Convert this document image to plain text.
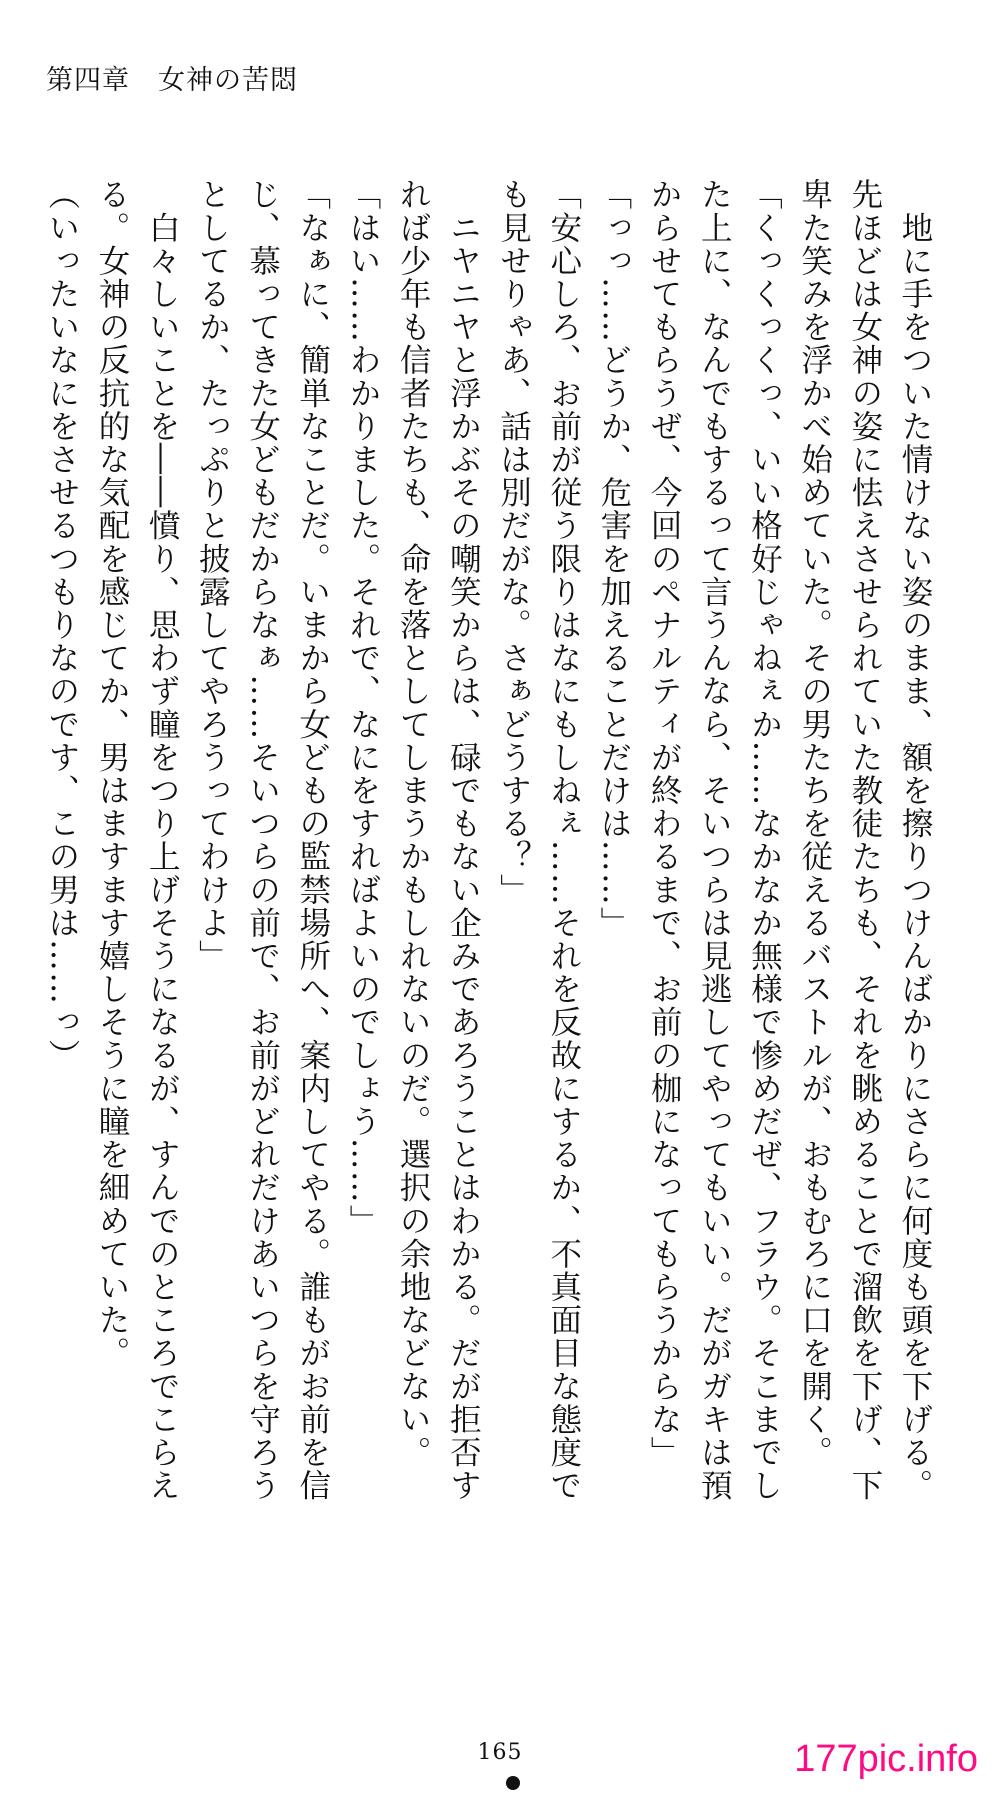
第四章　女神の苦悶
　地に手をついた情けない姿のまま、額を擦りつけんばかりにさらに何度も頭を下げる。
先ほどは女神の姿に怯えさせられていた教徒たちも、それを眺めることで溜飲を下げ、下
卑た笑みを浮かべ始めていた。その男たちを従えるバストルが、おもむろに口を開く。
「くっくっくっ、いい格好じゃねぇか……なかなか無様で惨めだぜ、フラウ。そこまでし
た上に、なんでもするって言うんなら、そいつらは見逃してやってもいい。だがガキは預
からせてもらうぜ、今回のペナルティが終わるまで、お前の枷になってもらうからな」
「っっ……どうか、危害を加えることだけは……」
「安心しろ、お前が従う限りはなにもしねぇ……それを反故にするか、不真面目な態度で
も見せりゃあ、話は別だがな。さぁどうする？」
　ニヤニヤと浮かぶその嘲笑からは、碌でもない企みであろうことはわかる。だが拒否す
れば少年も信者たちも、命を落としてしまうかもしれないのだ。選択の余地などない。
「はい……わかりました。それで、なにをすればよいのでしょう……」
「なぁに、簡単なことだ。いまから女どもの監禁場所へ、案内してやる。誰もがお前を信
じ、慕ってきた女どもだからなぁ……そいつらの前で、お前がどれだけあいつらを守ろう
としてるか、たっぷりと披露してやろうってわけよ」
　白々しいことを――憤り、思わず瞳をつり上げそうになるが、すんでのところでこらえ
る。女神の反抗的な気配を感じてか、男はますます嬉しそうに瞳を細めていた。
（いったいなにをさせるつもりなのです、この男は……っ）
165	177pic.info
